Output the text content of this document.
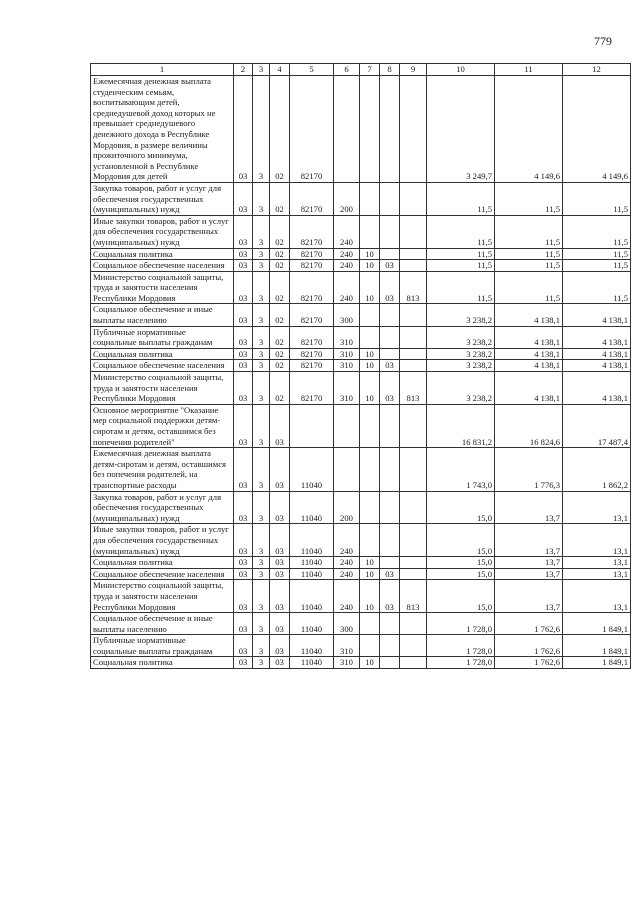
779
1	2	3	4	5	6	7	8	9	10	11	12
Ежемесячная денежная выплата студенческим семьям, воспитывающим детей, среднедушевой доход которых не превышает среднедушевого денежного дохода в Республике Мордовия, в размере величины прожиточного минимума, установленной в Республике Мордовия для детей	03	3	02	82170					3 249,7	4 149,6	4 149,6
Закупка товаров, работ и услуг для обеспечения государственных (муниципальных) нужд	03	3	02	82170	200				11,5	11,5	11,5
Иные закупки товаров, работ и услуг для обеспечения государственных (муниципальных) нужд	03	3	02	82170	240				11,5	11,5	11,5
Социальная политика	03	3	02	82170	240	10			11,5	11,5	11,5
Социальное обеспечение населения	03	3	02	82170	240	10	03		11,5	11,5	11,5
Министерство социальной защиты, труда и занятости населения Республики Мордовия	03	3	02	82170	240	10	03	813	11,5	11,5	11,5
Социальное обеспечение и иные выплаты населению	03	3	02	82170	300				3 238,2	4 138,1	4 138,1
Публичные нормативные социальные выплаты гражданам	03	3	02	82170	310				3 238,2	4 138,1	4 138,1
Социальная политика	03	3	02	82170	310	10			3 238,2	4 138,1	4 138,1
Социальное обеспечение населения	03	3	02	82170	310	10	03		3 238,2	4 138,1	4 138,1
Министерство социальной защиты, труда и занятости населения Республики Мордовия	03	3	02	82170	310	10	03	813	3 238,2	4 138,1	4 138,1
Основное мероприятие "Оказание мер социальной поддержки детям-сиротам и детям, оставшимся без попечения родителей"	03	3	03						16 831,2	16 824,6	17 487,4
Ежемесячная денежная выплата детям-сиротам и детям, оставшимся без попечения родителей, на транспортные расходы	03	3	03	11040					1 743,0	1 776,3	1 862,2
Закупка товаров, работ и услуг для обеспечения государственных (муниципальных) нужд	03	3	03	11040	200				15,0	13,7	13,1
Иные закупки товаров, работ и услуг для обеспечения государственных (муниципальных) нужд	03	3	03	11040	240				15,0	13,7	13,1
Социальная политика	03	3	03	11040	240	10			15,0	13,7	13,1
Социальное обеспечение населения	03	3	03	11040	240	10	03		15,0	13,7	13,1
Министерство социальной защиты, труда и занятости населения Республики Мордовия	03	3	03	11040	240	10	03	813	15,0	13,7	13,1
Социальное обеспечение и иные выплаты населению	03	3	03	11040	300				1 728,0	1 762,6	1 849,1
Публичные нормативные социальные выплаты гражданам	03	3	03	11040	310				1 728,0	1 762,6	1 849,1
Социальная политика	03	3	03	11040	310	10			1 728,0	1 762,6	1 849,1
